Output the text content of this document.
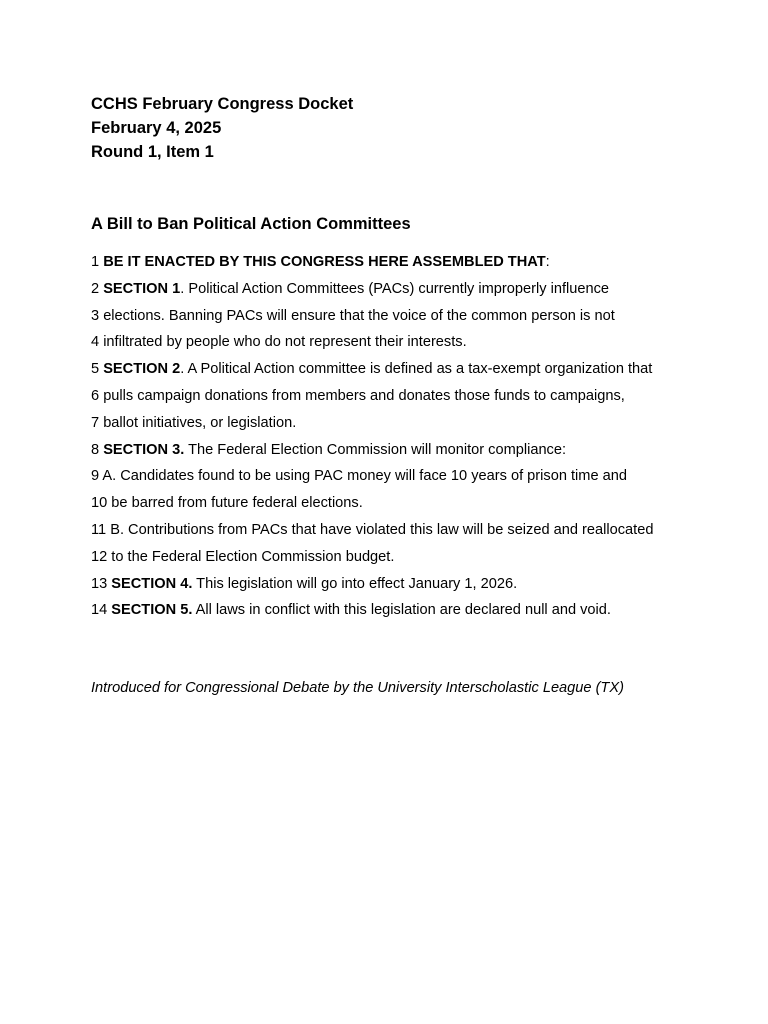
CCHS February Congress Docket
February 4, 2025
Round 1, Item 1
A Bill to Ban Political Action Committees
1 BE IT ENACTED BY THIS CONGRESS HERE ASSEMBLED THAT:
2 SECTION 1. Political Action Committees (PACs) currently improperly influence
3 elections. Banning PACs will ensure that the voice of the common person is not
4 infiltrated by people who do not represent their interests.
5 SECTION 2. A Political Action committee is defined as a tax-exempt organization that
6 pulls campaign donations from members and donates those funds to campaigns,
7 ballot initiatives, or legislation.
8 SECTION 3. The Federal Election Commission will monitor compliance:
9 A. Candidates found to be using PAC money will face 10 years of prison time and
10 be barred from future federal elections.
11 B. Contributions from PACs that have violated this law will be seized and reallocated
12 to the Federal Election Commission budget.
13 SECTION 4. This legislation will go into effect January 1, 2026.
14 SECTION 5. All laws in conflict with this legislation are declared null and void.
Introduced for Congressional Debate by the University Interscholastic League (TX)
